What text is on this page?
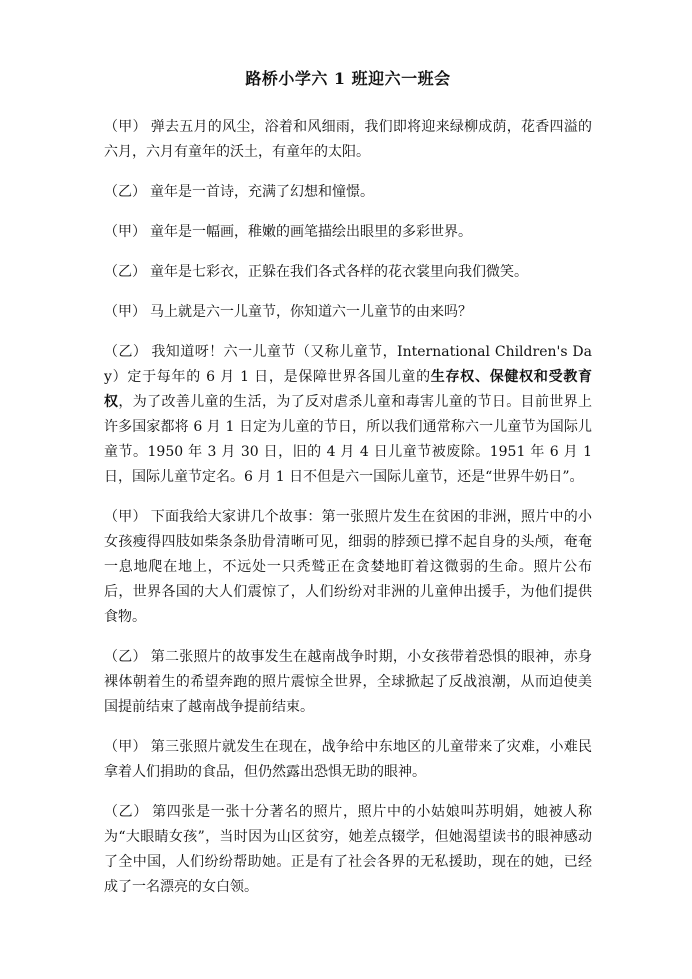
路桥小学六 1 班迎六一班会

（甲） 弹去五月的风尘，浴着和风细雨，我们即将迎来绿柳成荫，花香四溢的六月，六月有童年的沃土，有童年的太阳。

（乙） 童年是一首诗，充满了幻想和憧憬。

（甲） 童年是一幅画，稚嫩的画笔描绘出眼里的多彩世界。

（乙） 童年是七彩衣，正躲在我们各式各样的花衣裳里向我们微笑。

（甲） 马上就是六一儿童节，你知道六一儿童节的由来吗？

（乙） 我知道呀！六一儿童节（又称儿童节，International Children's Day）定于每年的 6 月 1 日，是保障世界各国儿童的生存权、保健权和受教育权，为了改善儿童的生活，为了反对虐杀儿童和毒害儿童的节日。目前世界上许多国家都将 6 月 1 日定为儿童的节日，所以我们通常称六一儿童节为国际儿童节。1950 年 3 月 30 日，旧的 4 月 4 日儿童节被废除。1951 年 6 月 1 日，国际儿童节定名。6 月 1 日不但是六一国际儿童节，还是“世界牛奶日”。

（甲） 下面我给大家讲几个故事：第一张照片发生在贫困的非洲，照片中的小女孩瘦得四肢如柴条条肋骨清晰可见，细弱的脖颈已撑不起自身的头颅，奄奄一息地爬在地上，不远处一只秃鹫正在贪婪地盯着这微弱的生命。照片公布后，世界各国的大人们震惊了，人们纷纷对非洲的儿童伸出援手，为他们提供食物。

（乙） 第二张照片的故事发生在越南战争时期，小女孩带着恐惧的眼神，赤身裸体朝着生的希望奔跑的照片震惊全世界，全球掀起了反战浪潮，从而迫使美国提前结束了越南战争提前结束。

（甲） 第三张照片就发生在现在，战争给中东地区的儿童带来了灾难，小难民拿着人们捐助的食品，但仍然露出恐惧无助的眼神。

（乙） 第四张是一张十分著名的照片，照片中的小姑娘叫苏明娟，她被人称为“大眼睛女孩”，当时因为山区贫穷，她差点辍学，但她渴望读书的眼神感动了全中国，人们纷纷帮助她。正是有了社会各界的无私援助，现在的她，已经成了一名漂亮的女白领。
